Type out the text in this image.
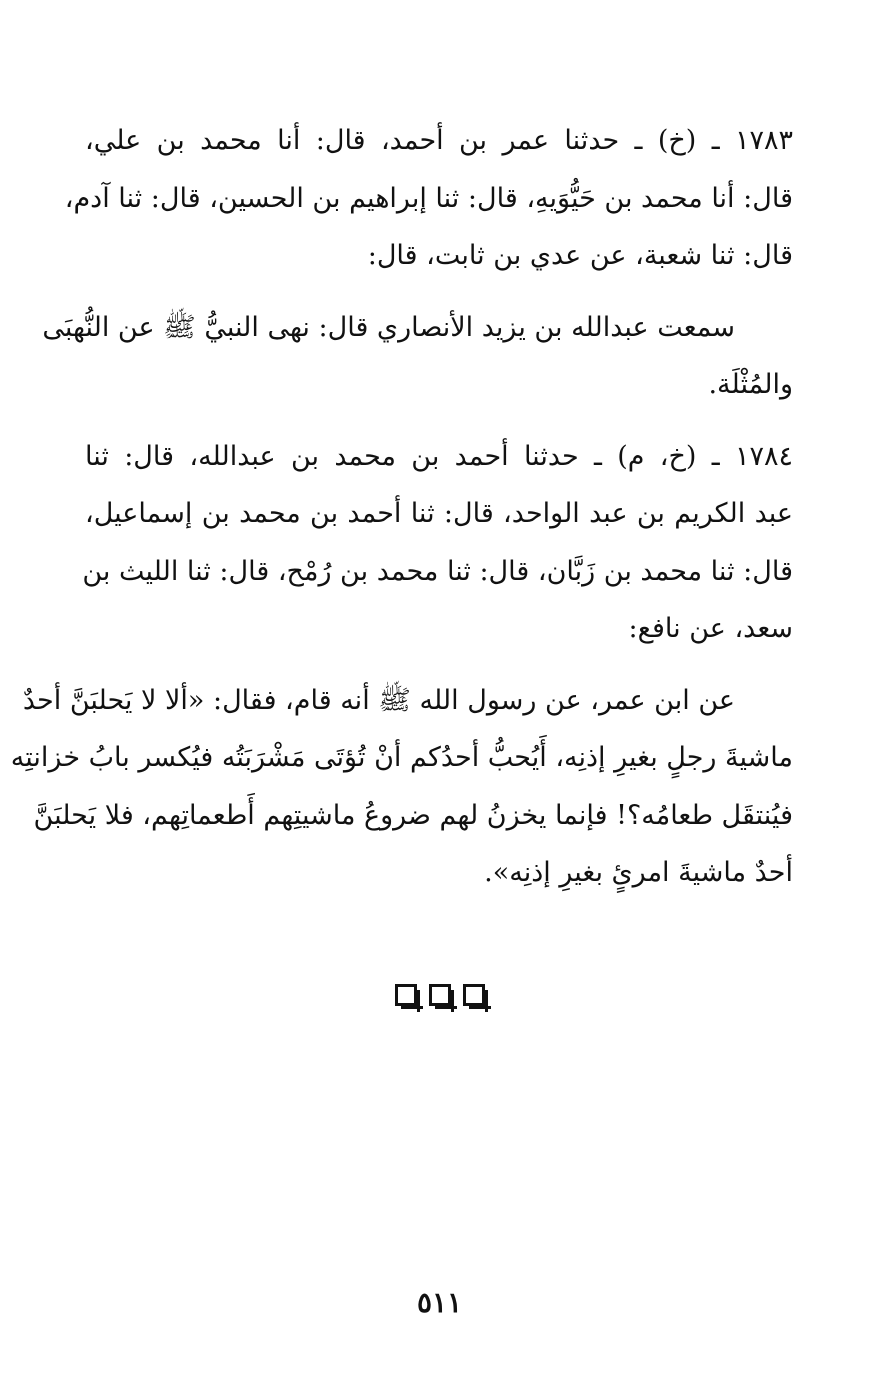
١٧٨٣ ـ (خ) ـ حدثنا عمر بن أحمد، قال: أنا محمد بن علي،
قال: أنا محمد بن حَيُّوَيهِ، قال: ثنا إبراهيم بن الحسين، قال: ثنا آدم،
قال: ثنا شعبة، عن عدي بن ثابت، قال:
سمعت عبدالله بن يزيد الأنصاري قال: نهى النبيُّ ﷺ عن النُّهبَى
والمُثْلَة.
١٧٨٤ ـ (خ، م) ـ حدثنا أحمد بن محمد بن عبدالله، قال: ثنا
عبد الكريم بن عبد الواحد، قال: ثنا أحمد بن محمد بن إسماعيل،
قال: ثنا محمد بن زَبَّان، قال: ثنا محمد بن رُمْح، قال: ثنا الليث بن
سعد، عن نافع:
عن ابن عمر، عن رسول الله ﷺ أنه قام، فقال: «ألا لا يَحلبَنَّ أحدٌ
ماشيةَ رجلٍ بغيرِ إذنِه، أَيُحبُّ أحدُكم أنْ تُؤتَى مَشْرَبَتُه فيُكسر بابُ خزانتِه
فيُنتقَل طعامُه؟! فإنما يخزنُ لهم ضروعُ ماشيتِهم أَطعماتِهم، فلا يَحلبَنَّ
أحدٌ ماشيةَ امرئٍ بغيرِ إذنِه».
٥١١
